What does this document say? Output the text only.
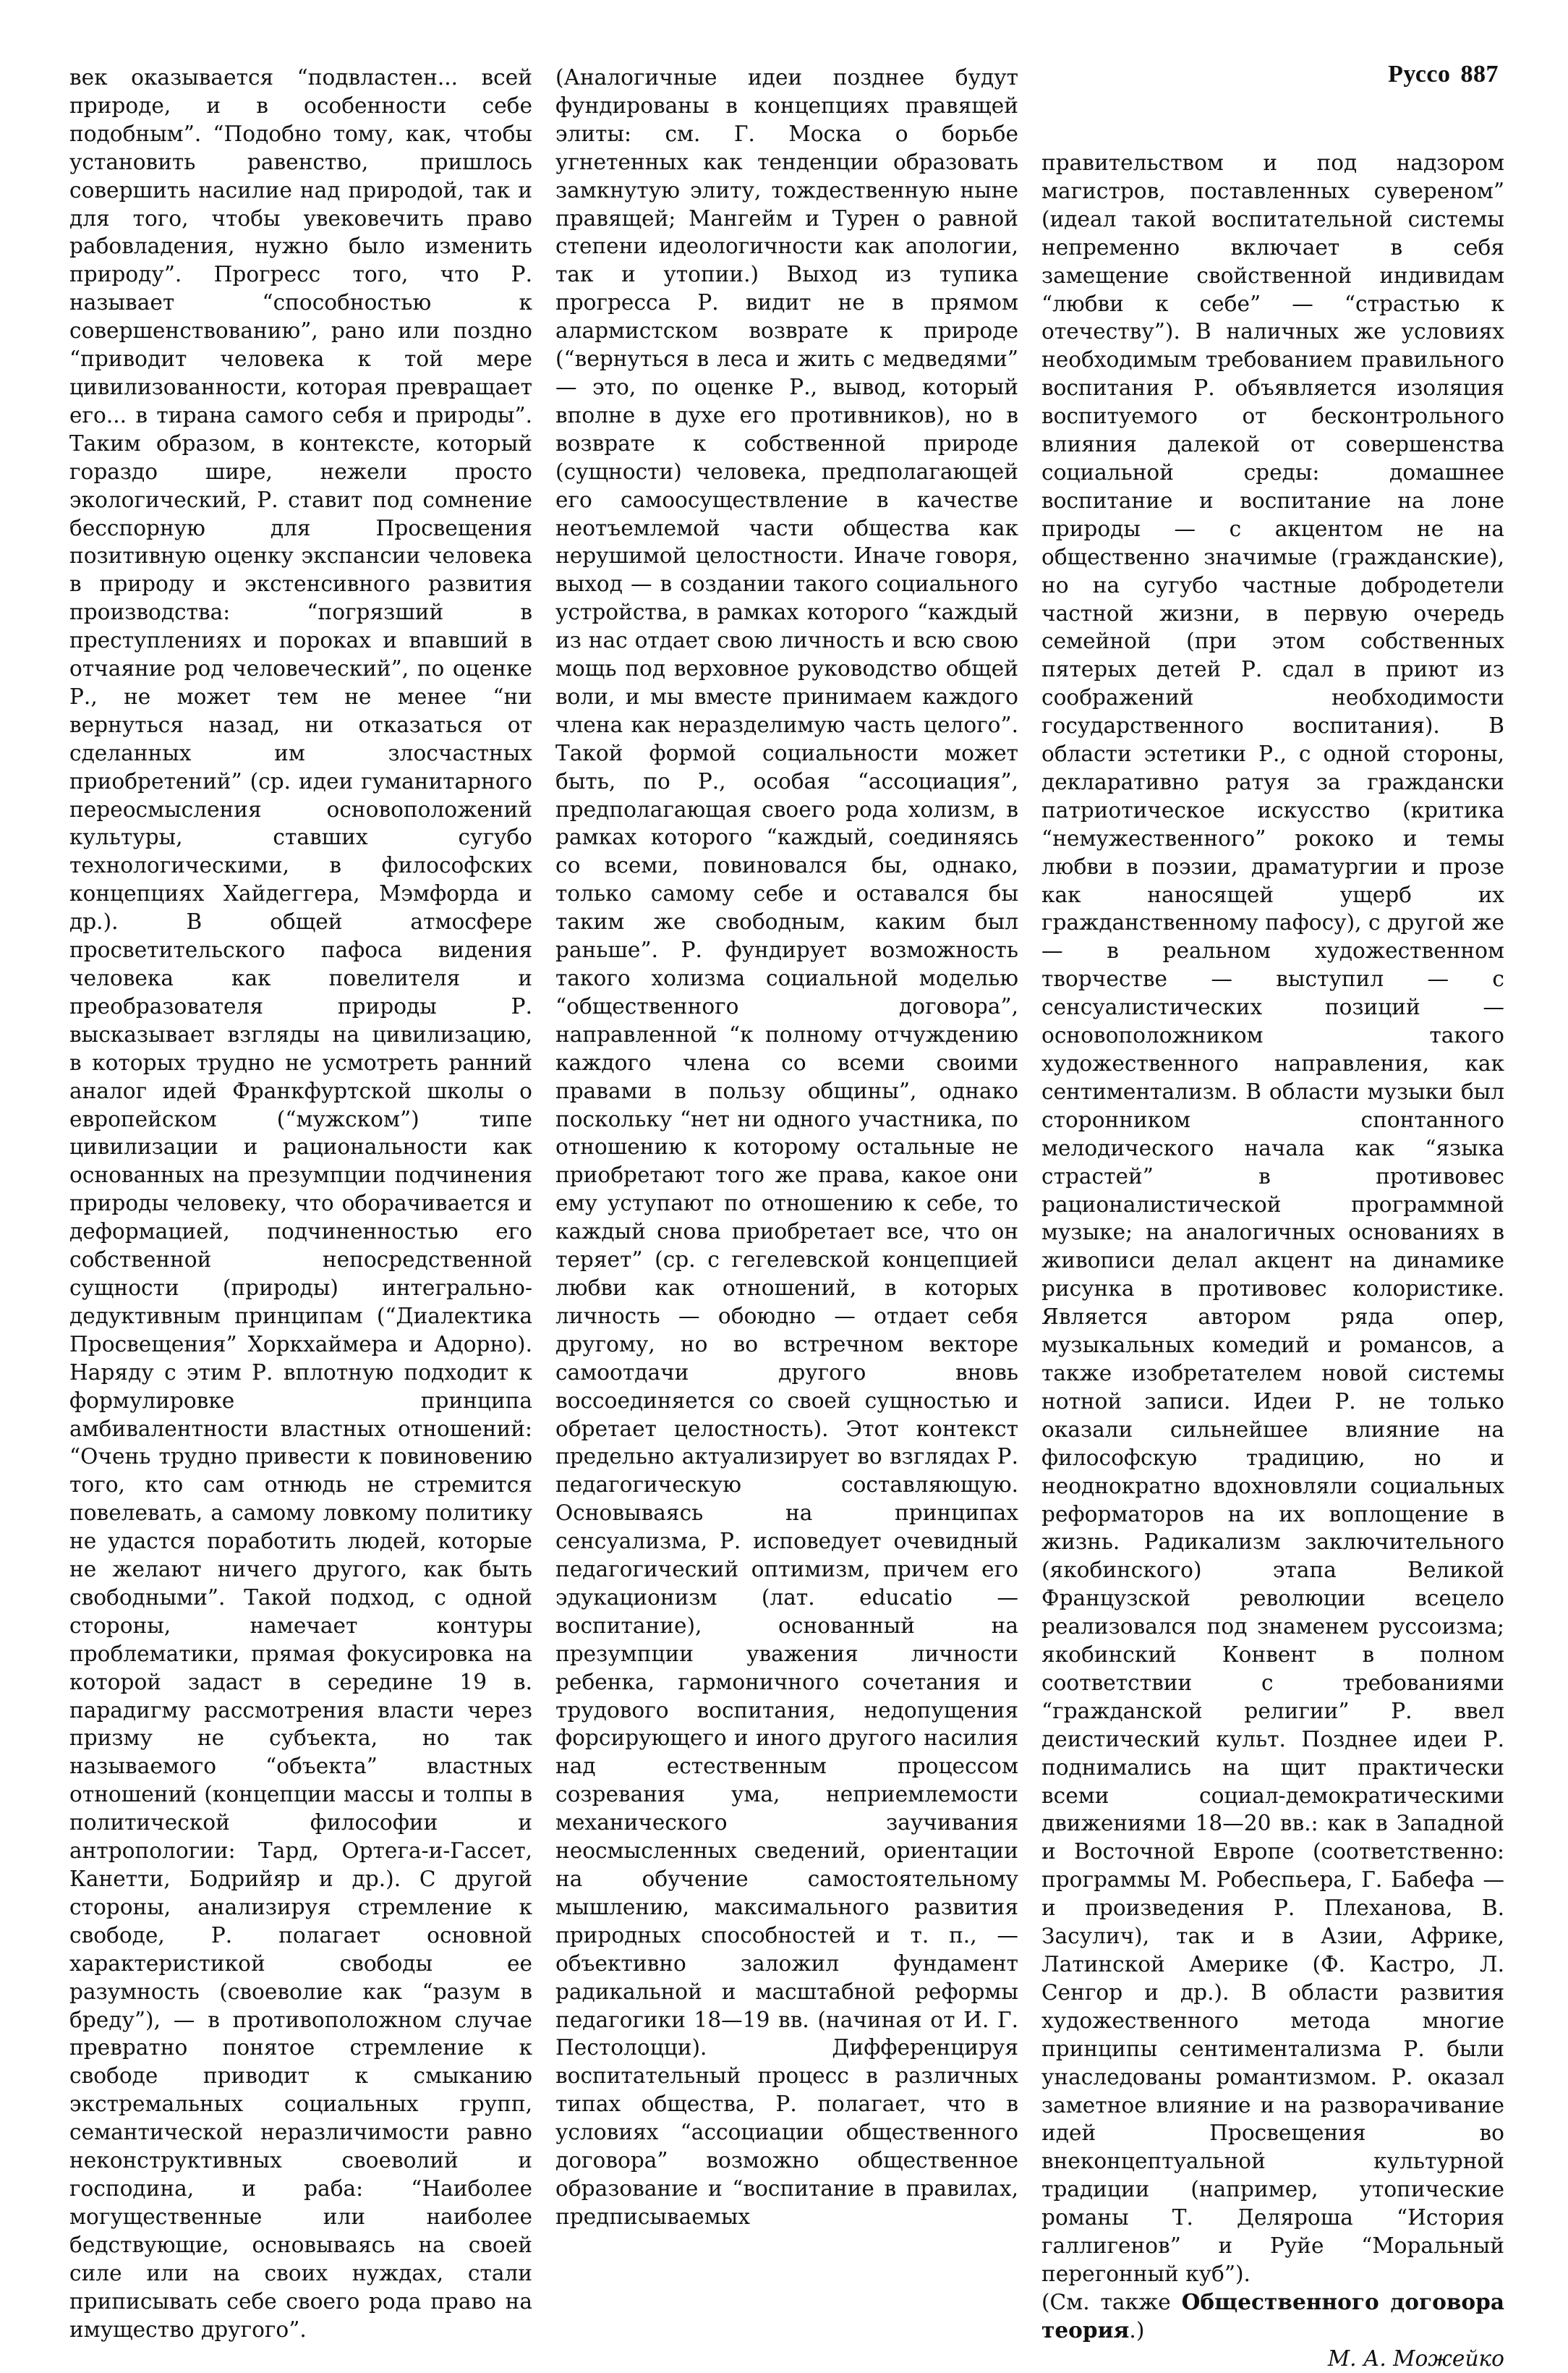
Руссо 887

век оказывается “подвластен... всей природе, и в особенности себе подобным”. “Подобно тому, как, чтобы установить равенство, пришлось совершить насилие над природой, так и для того, чтобы увековечить право рабовладения, нужно было изменить природу”. Прогресс того, что Р. называет “способностью к совершенствованию”, рано или поздно “приводит человека к той мере цивилизованности, которая превращает его... в тирана самого себя и природы”. Таким образом, в контексте, который гораздо шире, нежели просто экологический, Р. ставит под сомнение бесспорную для Просвещения позитивную оценку экспансии человека в природу и экстенсивного развития производства: “погрязший в преступлениях и пороках и впавший в отчаяние род человеческий”, по оценке Р., не может тем не менее “ни вернуться назад, ни отказаться от сделанных им злосчастных приобретений” (ср. идеи гуманитарного переосмысления основоположений культуры, ставших сугубо технологическими, в философских концепциях Хайдеггера, Мэмфорда и др.). В общей атмосфере просветительского пафоса видения человека как повелителя и преобразователя природы Р. высказывает взгляды на цивилизацию, в которых трудно не усмотреть ранний аналог идей Франкфуртской школы о европейском (“мужском”) типе цивилизации и рациональности как основанных на презумпции подчинения природы человеку, что оборачивается и деформацией, подчиненностью его собственной непосредственной сущности (природы) интегрально-дедуктивным принципам (“Диалектика Просвещения” Хоркхаймера и Адорно). Наряду с этим Р. вплотную подходит к формулировке принципа амбивалентности властных отношений: “Очень трудно привести к повиновению того, кто сам отнюдь не стремится повелевать, а самому ловкому политику не удастся поработить людей, которые не желают ничего другого, как быть свободными”. Такой подход, с одной стороны, намечает контуры проблематики, прямая фокусировка на которой задаст в середине 19 в. парадигму рассмотрения власти через призму не субъекта, но так называемого “объекта” властных отношений (концепции массы и толпы в политической философии и антропологии: Тард, Ортега-и-Гассет, Канетти, Бодрийяр и др.). С другой стороны, анализируя стремление к свободе, Р. полагает основной характеристикой свободы ее разумность (своеволие как “разум в бреду”), — в противоположном случае превратно понятое стремление к свободе приводит к смыканию экстремальных социальных групп, семантической неразличимости равно неконструктивных своеволий и господина, и раба: “Наиболее могущественные или наиболее бедствующие, основываясь на своей силе или на своих нуждах, стали приписывать себе своего рода право на имущество другого”.

(Аналогичные идеи позднее будут фундированы в концепциях правящей элиты: см. Г. Моска о борьбе угнетенных как тенденции образовать замкнутую элиту, тождественную ныне правящей; Мангейм и Турен о равной степени идеологичности как апологии, так и утопии.) Выход из тупика прогресса Р. видит не в прямом алармистском возврате к природе (“вернуться в леса и жить с медведями” — это, по оценке Р., вывод, который вполне в духе его противников), но в возврате к собственной природе (сущности) человека, предполагающей его самоосуществление в качестве неотъемлемой части общества как нерушимой целостности. Иначе говоря, выход — в создании такого социального устройства, в рамках которого “каждый из нас отдает свою личность и всю свою мощь под верховное руководство общей воли, и мы вместе принимаем каждого члена как неразделимую часть целого”. Такой формой социальности может быть, по Р., особая “ассоциация”, предполагающая своего рода холизм, в рамках которого “каждый, соединяясь со всеми, повиновался бы, однако, только самому себе и оставался бы таким же свободным, каким был раньше”. Р. фундирует возможность такого холизма социальной моделью “общественного договора”, направленной “к полному отчуждению каждого члена со всеми своими правами в пользу общины”, однако поскольку “нет ни одного участника, по отношению к которому остальные не приобретают того же права, какое они ему уступают по отношению к себе, то каждый снова приобретает все, что он теряет” (ср. с гегелевской концепцией любви как отношений, в которых личность — обоюдно — отдает себя другому, но во встречном векторе самоотдачи другого вновь воссоединяется со своей сущностью и обретает целостность). Этот контекст предельно актуализирует во взглядах Р. педагогическую составляющую. Основываясь на принципах сенсуализма, Р. исповедует очевидный педагогический оптимизм, причем его эдукационизм (лат. educatio — воспитание), основанный на презумпции уважения личности ребенка, гармоничного сочетания и трудового воспитания, недопущения форсирующего и иного другого насилия над естественным процессом созревания ума, неприемлемости механического заучивания неосмысленных сведений, ориентации на обучение самостоятельному мышлению, максимального развития природных способностей и т. п., — объективно заложил фундамент радикальной и масштабной реформы педагогики 18—19 вв. (начиная от И. Г. Пестолоцци). Дифференцируя воспитательный процесс в различных типах общества, Р. полагает, что в условиях “ассоциации общественного договора” возможно общественное образование и “воспитание в правилах, предписываемых

правительством и под надзором магистров, поставленных сувереном” (идеал такой воспитательной системы непременно включает в себя замещение свойственной индивидам “любви к себе” — “страстью к отечеству”). В наличных же условиях необходимым требованием правильного воспитания Р. объявляется изоляция воспитуемого от бесконтрольного влияния далекой от совершенства социальной среды: домашнее воспитание и воспитание на лоне природы — с акцентом не на общественно значимые (гражданские), но на сугубо частные добродетели частной жизни, в первую очередь семейной (при этом собственных пятерых детей Р. сдал в приют из соображений необходимости государственного воспитания). В области эстетики Р., с одной стороны, декларативно ратуя за граждански патриотическое искусство (критика “немужественного” рококо и темы любви в поэзии, драматургии и прозе как наносящей ущерб их гражданственному пафосу), с другой же — в реальном художественном творчестве — выступил — с сенсуалистических позиций — основоположником такого художественного направления, как сентиментализм. В области музыки был сторонником спонтанного мелодического начала как “языка страстей” в противовес рационалистической программной музыке; на аналогичных основаниях в живописи делал акцент на динамике рисунка в противовес колористике. Является автором ряда опер, музыкальных комедий и романсов, а также изобретателем новой системы нотной записи. Идеи Р. не только оказали сильнейшее влияние на философскую традицию, но и неоднократно вдохновляли социальных реформаторов на их воплощение в жизнь. Радикализм заключительного (якобинского) этапа Великой Французской революции всецело реализовался под знаменем руссоизма; якобинский Конвент в полном соответствии с требованиями “гражданской религии” Р. ввел деистический культ. Позднее идеи Р. поднимались на щит практически всеми социал-демократическими движениями 18—20 вв.: как в Западной и Восточной Европе (соответственно: программы М. Робеспьера, Г. Бабефа — и произведения Р. Плеханова, В. Засулич), так и в Азии, Африке, Латинской Америке (Ф. Кастро, Л. Сенгор и др.). В области развития художественного метода многие принципы сентиментализма Р. были унаследованы романтизмом. Р. оказал заметное влияние и на разворачивание идей Просвещения во внеконцептуальной культурной традиции (например, утопические романы Т. Деляроша “История галлигенов” и Руйе “Моральный перегонный куб”).

(См. также Общественного договора теория.)

М. А. Можейко
